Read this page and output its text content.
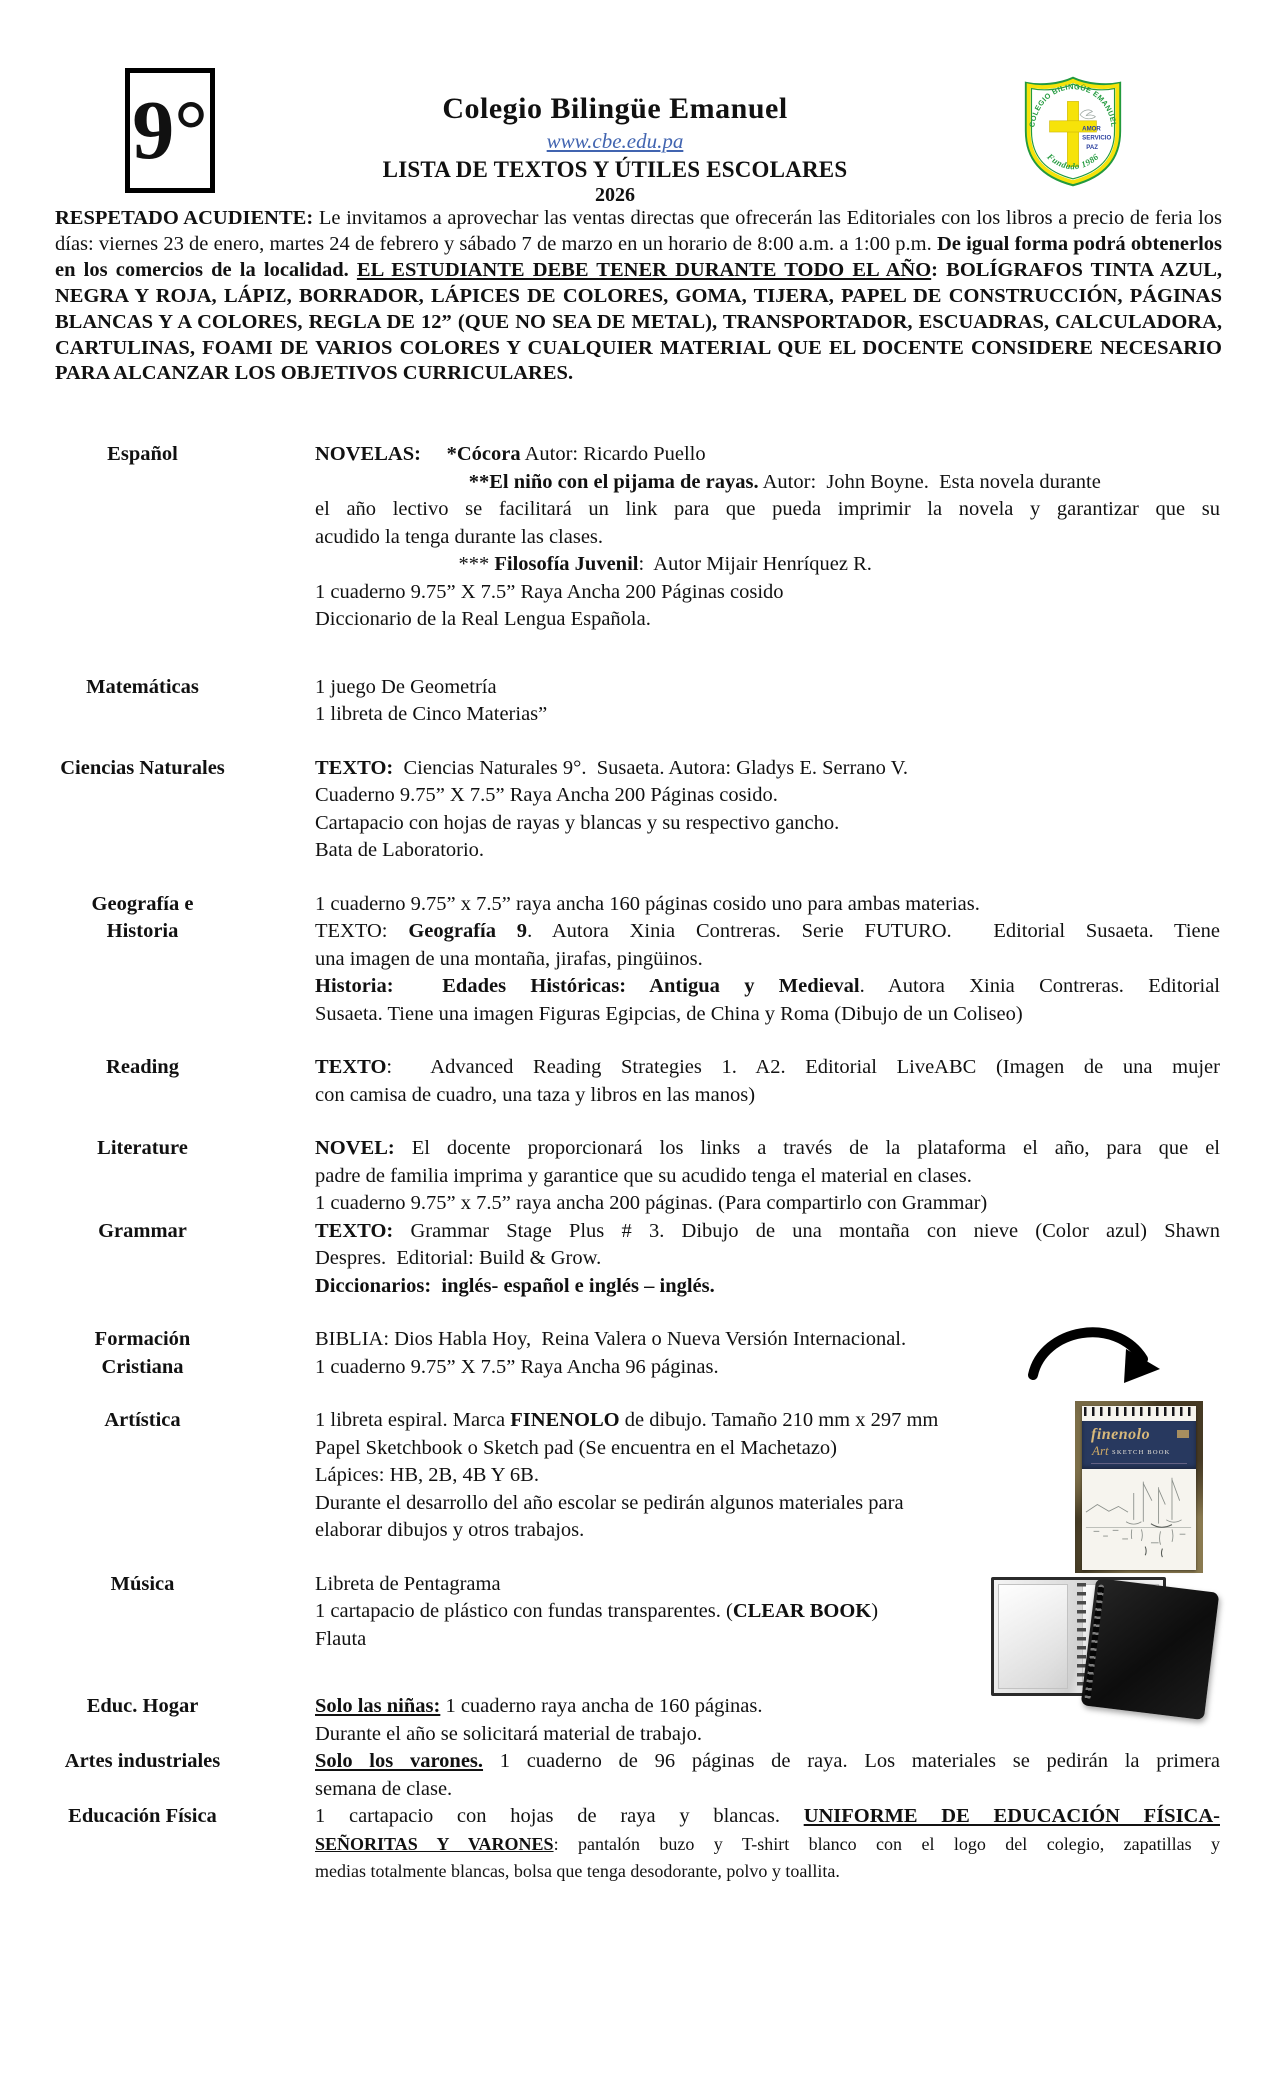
9°	Colegio Bilingüe Emanuel
www.cbe.edu.pa
LISTA DE TEXTOS Y ÚTILES ESCOLARES
2026
COLEGIO BILINGÜE EMANUEL
AMOR
SERVICIO
PAZ
Fundado 1986

RESPETADO ACUDIENTE: Le invitamos a aprovechar las ventas directas que ofrecerán las Editoriales con los libros a precio de feria los días: viernes 23 de enero, martes 24 de febrero y sábado 7 de marzo en un horario de 8:00 a.m. a 1:00 p.m. De igual forma podrá obtenerlos en los comercios de la localidad. EL ESTUDIANTE DEBE TENER DURANTE TODO EL AÑO: BOLÍGRAFOS TINTA AZUL, NEGRA Y ROJA, LÁPIZ, BORRADOR, LÁPICES DE COLORES, GOMA, TIJERA, PAPEL DE CONSTRUCCIÓN, PÁGINAS BLANCAS Y A COLORES, REGLA DE 12” (QUE NO SEA DE METAL), TRANSPORTADOR, ESCUADRAS, CALCULADORA, CARTULINAS, FOAMI DE VARIOS COLORES Y CUALQUIER MATERIAL QUE EL DOCENTE CONSIDERE NECESARIO PARA ALCANZAR LOS OBJETIVOS CURRICULARES.

finenolo
Art SKETCH BOOK
Español	NOVELAS: *Cócora Autor: Ricardo Puello
**El niño con el pijama de rayas. Autor:  John Boyne.  Esta novela durante
el año lectivo se facilitará un link para que pueda imprimir la novela y garantizar que su
acudido la tenga durante las clases.
*** Filosofía Juvenil:  Autor Mijair Henríquez R.
1 cuaderno 9.75” X 7.5” Raya Ancha 200 Páginas cosido
Diccionario de la Real Lengua Española.
Matemáticas	1 juego De Geometría
1 libreta de Cinco Materias”
Ciencias Naturales	TEXTO:  Ciencias Naturales 9°.  Susaeta. Autora: Gladys E. Serrano V.
Cuaderno 9.75” X 7.5” Raya Ancha 200 Páginas cosido.
Cartapacio con hojas de rayas y blancas y su respectivo gancho.
Bata de Laboratorio.
Geografía e
Historia
1 cuaderno 9.75” x 7.5” raya ancha 160 páginas cosido uno para ambas materias.
TEXTO: Geografía 9. Autora Xinia Contreras. Serie FUTURO.  Editorial Susaeta. Tiene
una imagen de una montaña, jirafas, pingüinos.
Historia:  Edades Históricas: Antigua y Medieval. Autora Xinia Contreras. Editorial
Susaeta. Tiene una imagen Figuras Egipcias, de China y Roma (Dibujo de un Coliseo)
Reading	TEXTO:  Advanced Reading Strategies 1. A2. Editorial LiveABC (Imagen de una mujer
con camisa de cuadro, una taza y libros en las manos)
Literature	NOVEL: El docente proporcionará los links a través de la plataforma el año, para que el
padre de familia imprima y garantice que su acudido tenga el material en clases.
1 cuaderno 9.75” x 7.5” raya ancha 200 páginas. (Para compartirlo con Grammar)
Grammar	TEXTO: Grammar Stage Plus # 3. Dibujo de una montaña con nieve (Color azul) Shawn
Despres.  Editorial: Build & Grow.
Diccionarios:  inglés- español e inglés – inglés.
Formación
Cristiana
BIBLIA: Dios Habla Hoy,  Reina Valera o Nueva Versión Internacional.
1 cuaderno 9.75” X 7.5” Raya Ancha 96 páginas.
Artística	1 libreta espiral. Marca FINENOLO de dibujo. Tamaño 210 mm x 297 mm
Papel Sketchbook o Sketch pad (Se encuentra en el Machetazo)
Lápices: HB, 2B, 4B Y 6B.
Durante el desarrollo del año escolar se pedirán algunos materiales para
elaborar dibujos y otros trabajos.
Música	Libreta de Pentagrama
1 cartapacio de plástico con fundas transparentes. (CLEAR BOOK)
Flauta
Educ. Hogar	Solo las niñas: 1 cuaderno raya ancha de 160 páginas.
Durante el año se solicitará material de trabajo.
Artes industriales	Solo los varones. 1 cuaderno de 96 páginas de raya. Los materiales se pedirán la primera
semana de clase.
Educación Física	1 cartapacio con hojas de raya y blancas. UNIFORME DE EDUCACIÓN FÍSICA-
SEÑORITAS Y VARONES: pantalón buzo y T-shirt blanco con el logo del colegio, zapatillas y
medias totalmente blancas, bolsa que tenga desodorante, polvo y toallita.
